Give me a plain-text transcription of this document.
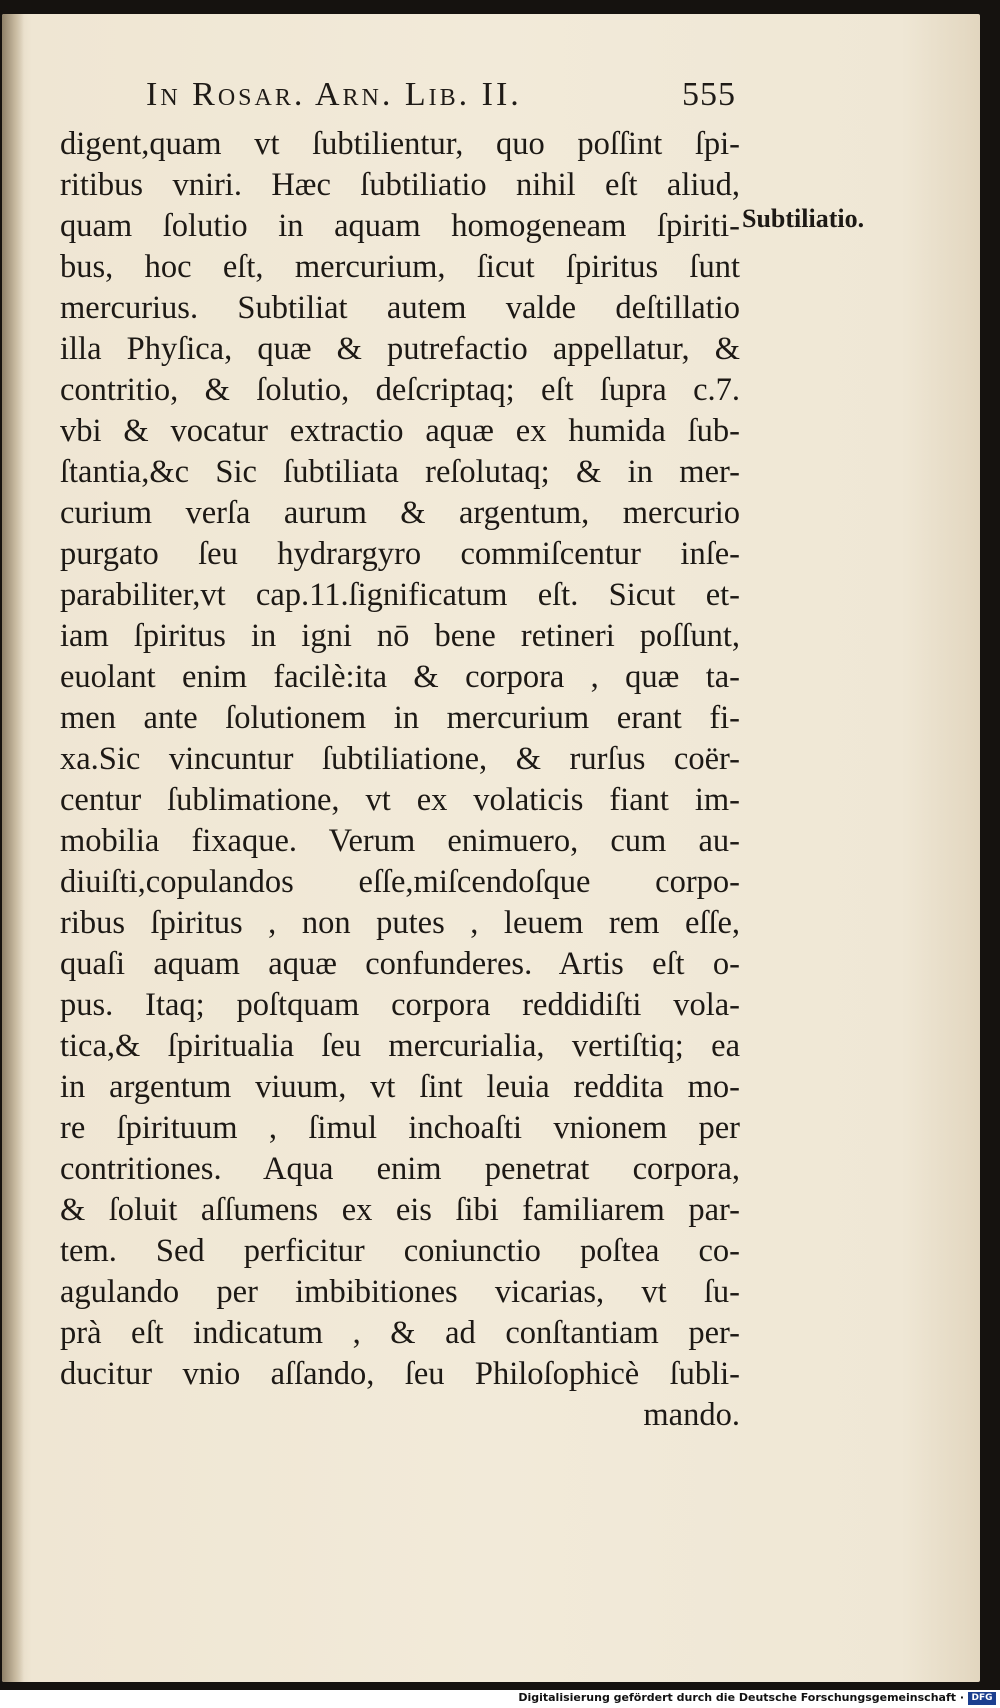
In Rosar. Arn. Lib. II.	555
Subtiliatio.
digent,quam vt ſubtilientur, quo poſſint ſpi-
ritibus vniri. Hæc ſubtiliatio nihil eſt aliud,
quam ſolutio in aquam homogeneam ſpiriti-
bus, hoc eſt, mercurium, ſicut ſpiritus ſunt
mercurius. Subtiliat autem valde deſtillatio
illa Phyſica, quæ & putrefactio appellatur, &
contritio, & ſolutio, deſcriptaq; eſt ſupra c.7.
vbi & vocatur extractio aquæ ex humida ſub-
ſtantia,&c Sic ſubtiliata reſolutaq; & in mer-
curium verſa aurum & argentum, mercurio
purgato ſeu hydrargyro commiſcentur inſe-
parabiliter,vt cap.11.ſignificatum eſt. Sicut et-
iam ſpiritus in igni nō bene retineri poſſunt,
euolant enim facilè:ita & corpora , quæ ta-
men ante ſolutionem in mercurium erant fi-
xa.Sic vincuntur ſubtiliatione, & rurſus coër-
centur ſublimatione, vt ex volaticis fiant im-
mobilia fixaque. Verum enimuero, cum au-
diuiſti,copulandos eſſe,miſcendoſque corpo-
ribus ſpiritus , non putes , leuem rem eſſe,
quaſi aquam aquæ confunderes. Artis eſt o-
pus. Itaq; poſtquam corpora reddidiſti vola-
tica,& ſpiritualia ſeu mercurialia, vertiſtiq; ea
in argentum viuum, vt ſint leuia reddita mo-
re ſpirituum , ſimul inchoaſti vnionem per
contritiones. Aqua enim penetrat corpora,
& ſoluit aſſumens ex eis ſibi familiarem par-
tem. Sed perficitur coniunctio poſtea co-
agulando per imbibitiones vicarias, vt ſu-
prà eſt indicatum , & ad conſtantiam per-
ducitur vnio aſſando, ſeu Philoſophicè ſubli-
mando.
Digitalisierung gefördert durch die Deutsche Forschungsgemeinschaft · DFG
